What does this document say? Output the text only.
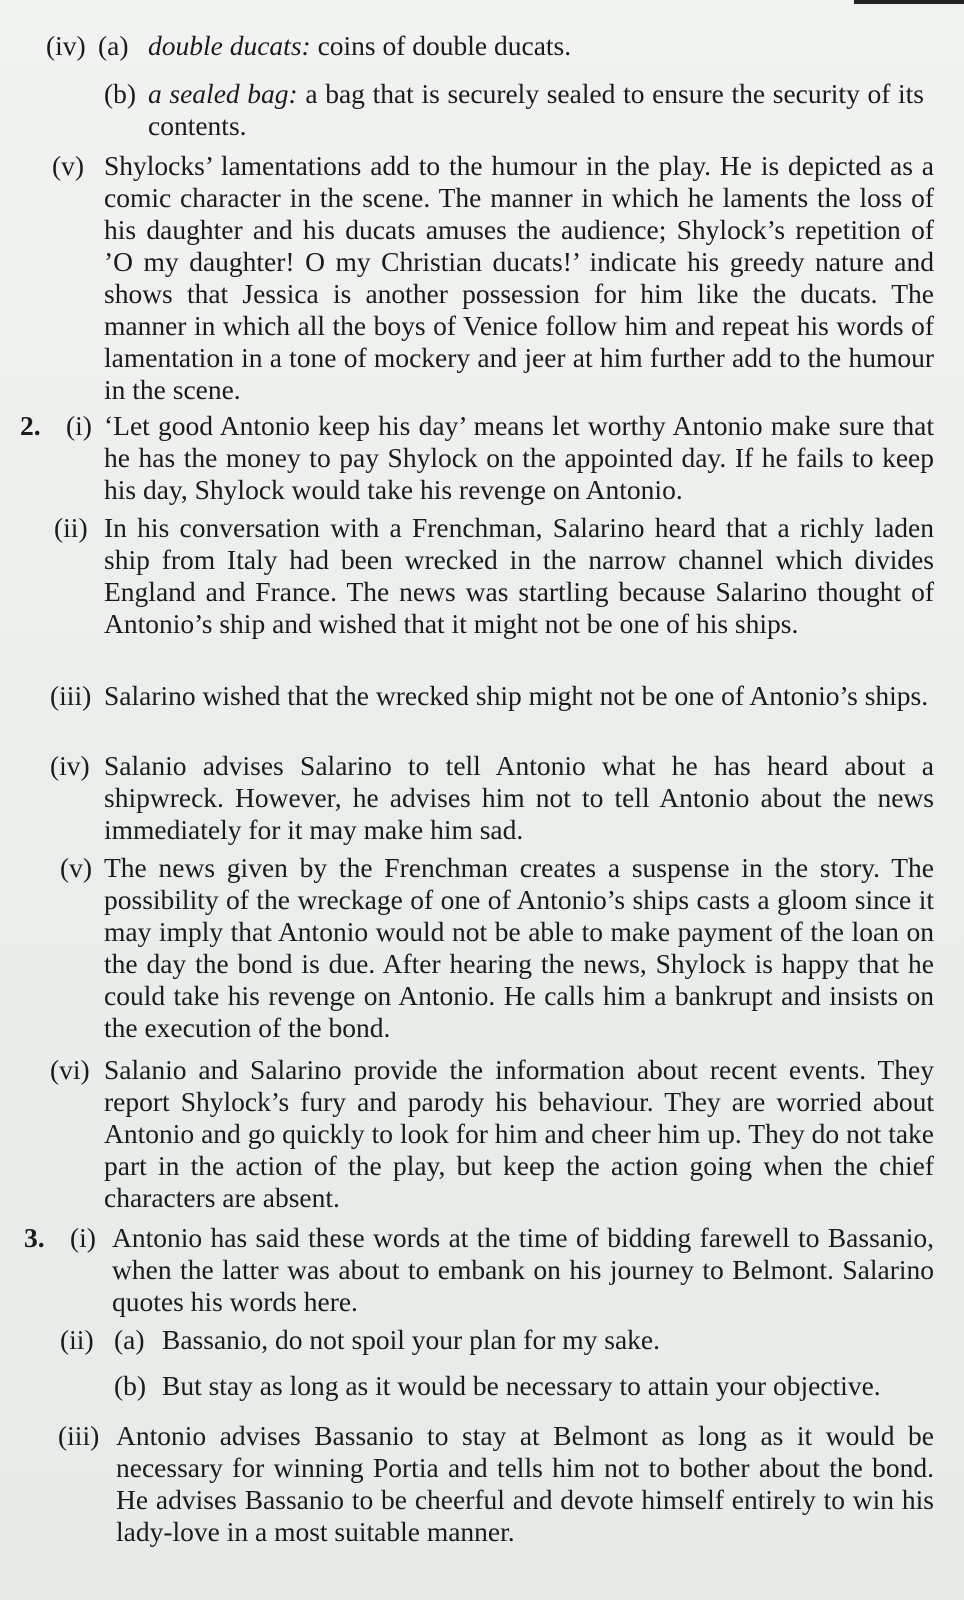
(iv) (a) double ducats: coins of double ducats.
(b) a sealed bag: a bag that is securely sealed to ensure the security of its contents.
(v) Shylocks’ lamentations add to the humour in the play. He is depicted as a comic character in the scene. The manner in which he laments the loss of his daughter and his ducats amuses the audience; Shylock’s repetition of ’O my daughter! O my Christian ducats!’ indicate his greedy nature and shows that Jessica is another possession for him like the ducats. The manner in which all the boys of Venice follow him and repeat his words of lamentation in a tone of mockery and jeer at him further add to the humour in the scene.
2. (i) ‘Let good Antonio keep his day’ means let worthy Antonio make sure that he has the money to pay Shylock on the appointed day. If he fails to keep his day, Shylock would take his revenge on Antonio.
(ii) In his conversation with a Frenchman, Salarino heard that a richly laden ship from Italy had been wrecked in the narrow channel which divides England and France. The news was startling because Salarino thought of Antonio’s ship and wished that it might not be one of his ships.
(iii) Salarino wished that the wrecked ship might not be one of Antonio’s ships.
(iv) Salanio advises Salarino to tell Antonio what he has heard about a shipwreck. However, he advises him not to tell Antonio about the news immediately for it may make him sad.
(v) The news given by the Frenchman creates a suspense in the story. The possibility of the wreckage of one of Antonio’s ships casts a gloom since it may imply that Antonio would not be able to make payment of the loan on the day the bond is due. After hearing the news, Shylock is happy that he could take his revenge on Antonio. He calls him a bankrupt and insists on the execution of the bond.
(vi) Salanio and Salarino provide the information about recent events. They report Shylock’s fury and parody his behaviour. They are worried about Antonio and go quickly to look for him and cheer him up. They do not take part in the action of the play, but keep the action going when the chief characters are absent.
3. (i) Antonio has said these words at the time of bidding farewell to Bassanio, when the latter was about to embank on his journey to Belmont. Salarino quotes his words here.
(ii) (a) Bassanio, do not spoil your plan for my sake.
(b) But stay as long as it would be necessary to attain your objective.
(iii) Antonio advises Bassanio to stay at Belmont as long as it would be necessary for winning Portia and tells him not to bother about the bond. He advises Bassanio to be cheerful and devote himself entirely to win his lady-love in a most suitable manner.
